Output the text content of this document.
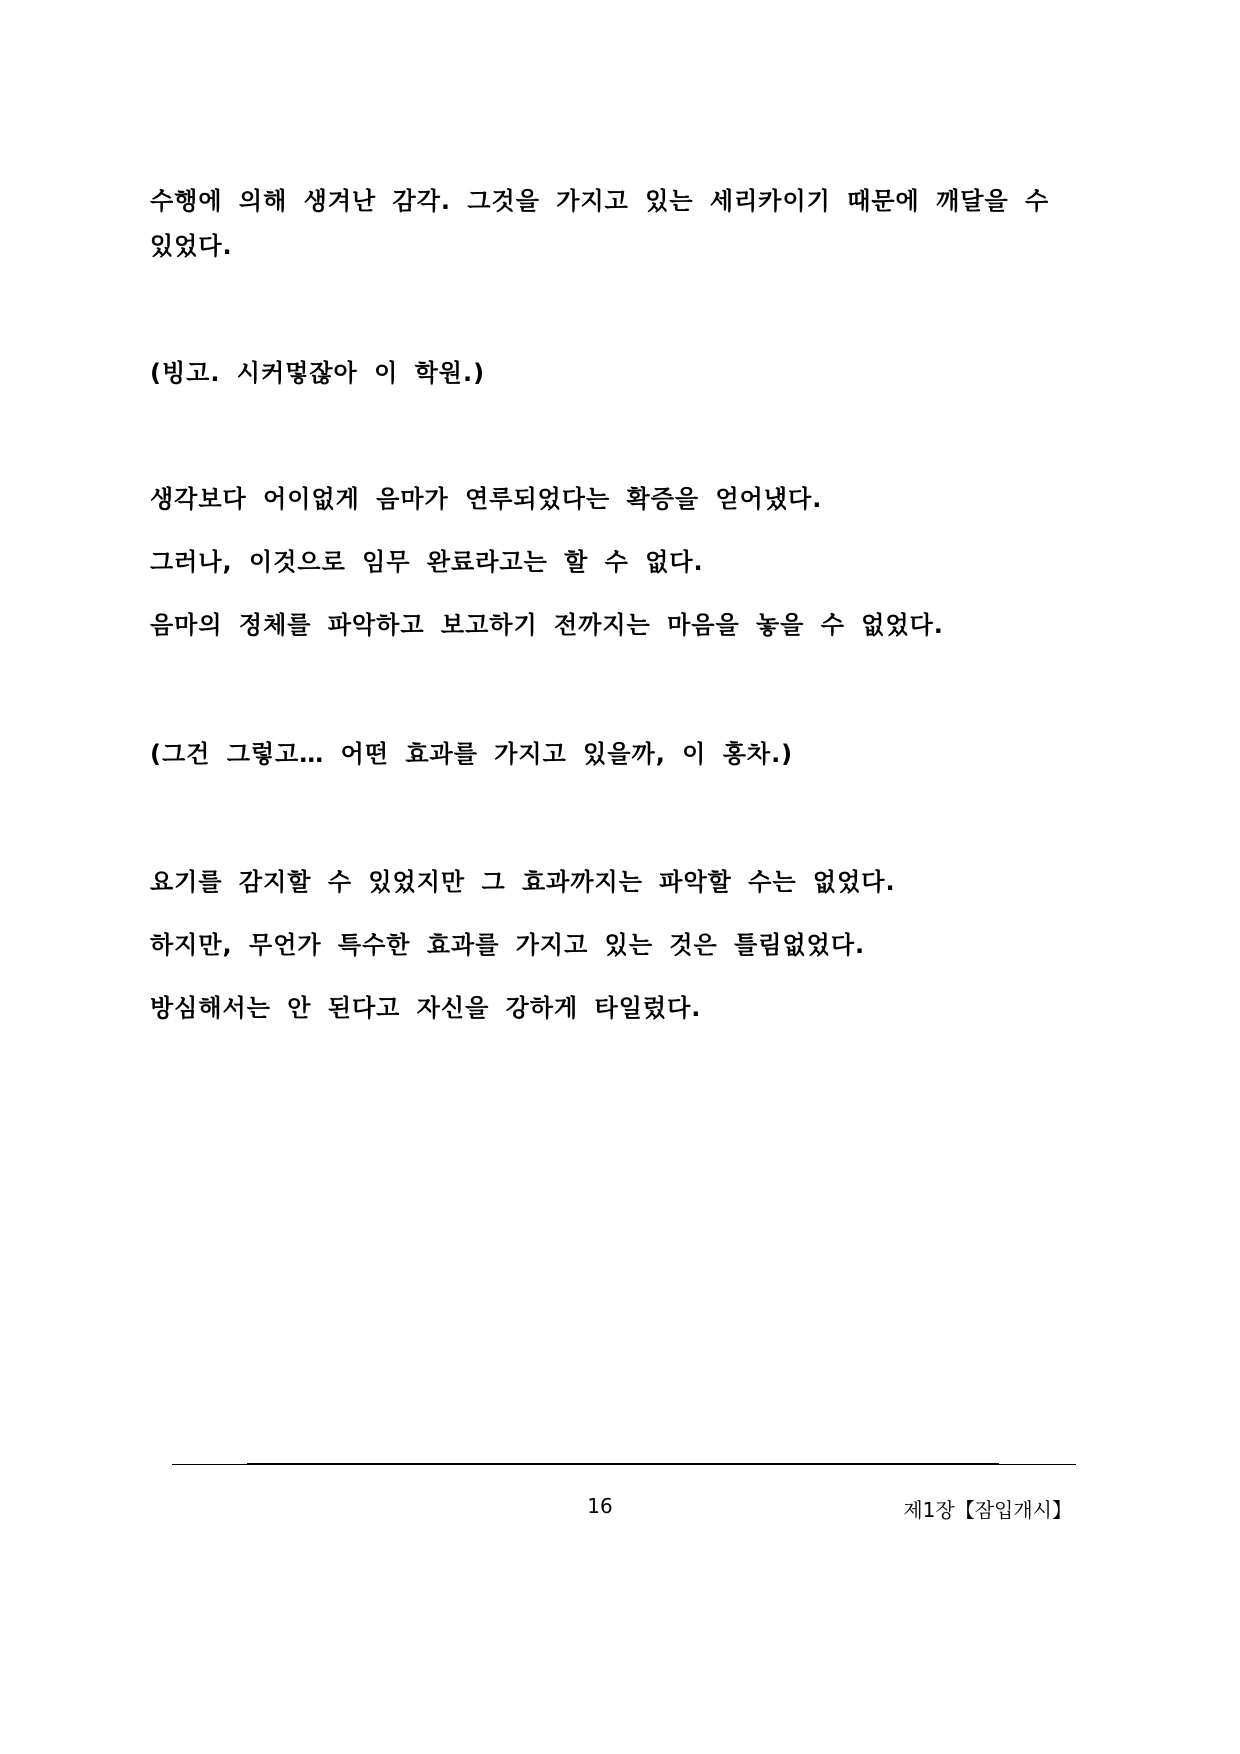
수행에 의해 생겨난 감각. 그것을 가지고 있는 세리카이기 때문에 깨달을 수
있었다.
(빙고. 시커멓잖아 이 학원.)
생각보다 어이없게 음마가 연루되었다는 확증을 얻어냈다.
그러나, 이것으로 임무 완료라고는 할 수 없다.
음마의 정체를 파악하고 보고하기 전까지는 마음을 놓을 수 없었다.
(그건 그렇고… 어떤 효과를 가지고 있을까, 이 홍차.)
요기를 감지할 수 있었지만 그 효과까지는 파악할 수는 없었다.
하지만, 무언가 특수한 효과를 가지고 있는 것은 틀림없었다.
방심해서는 안 된다고 자신을 강하게 타일렀다.
16	제1장【잠입개시】
